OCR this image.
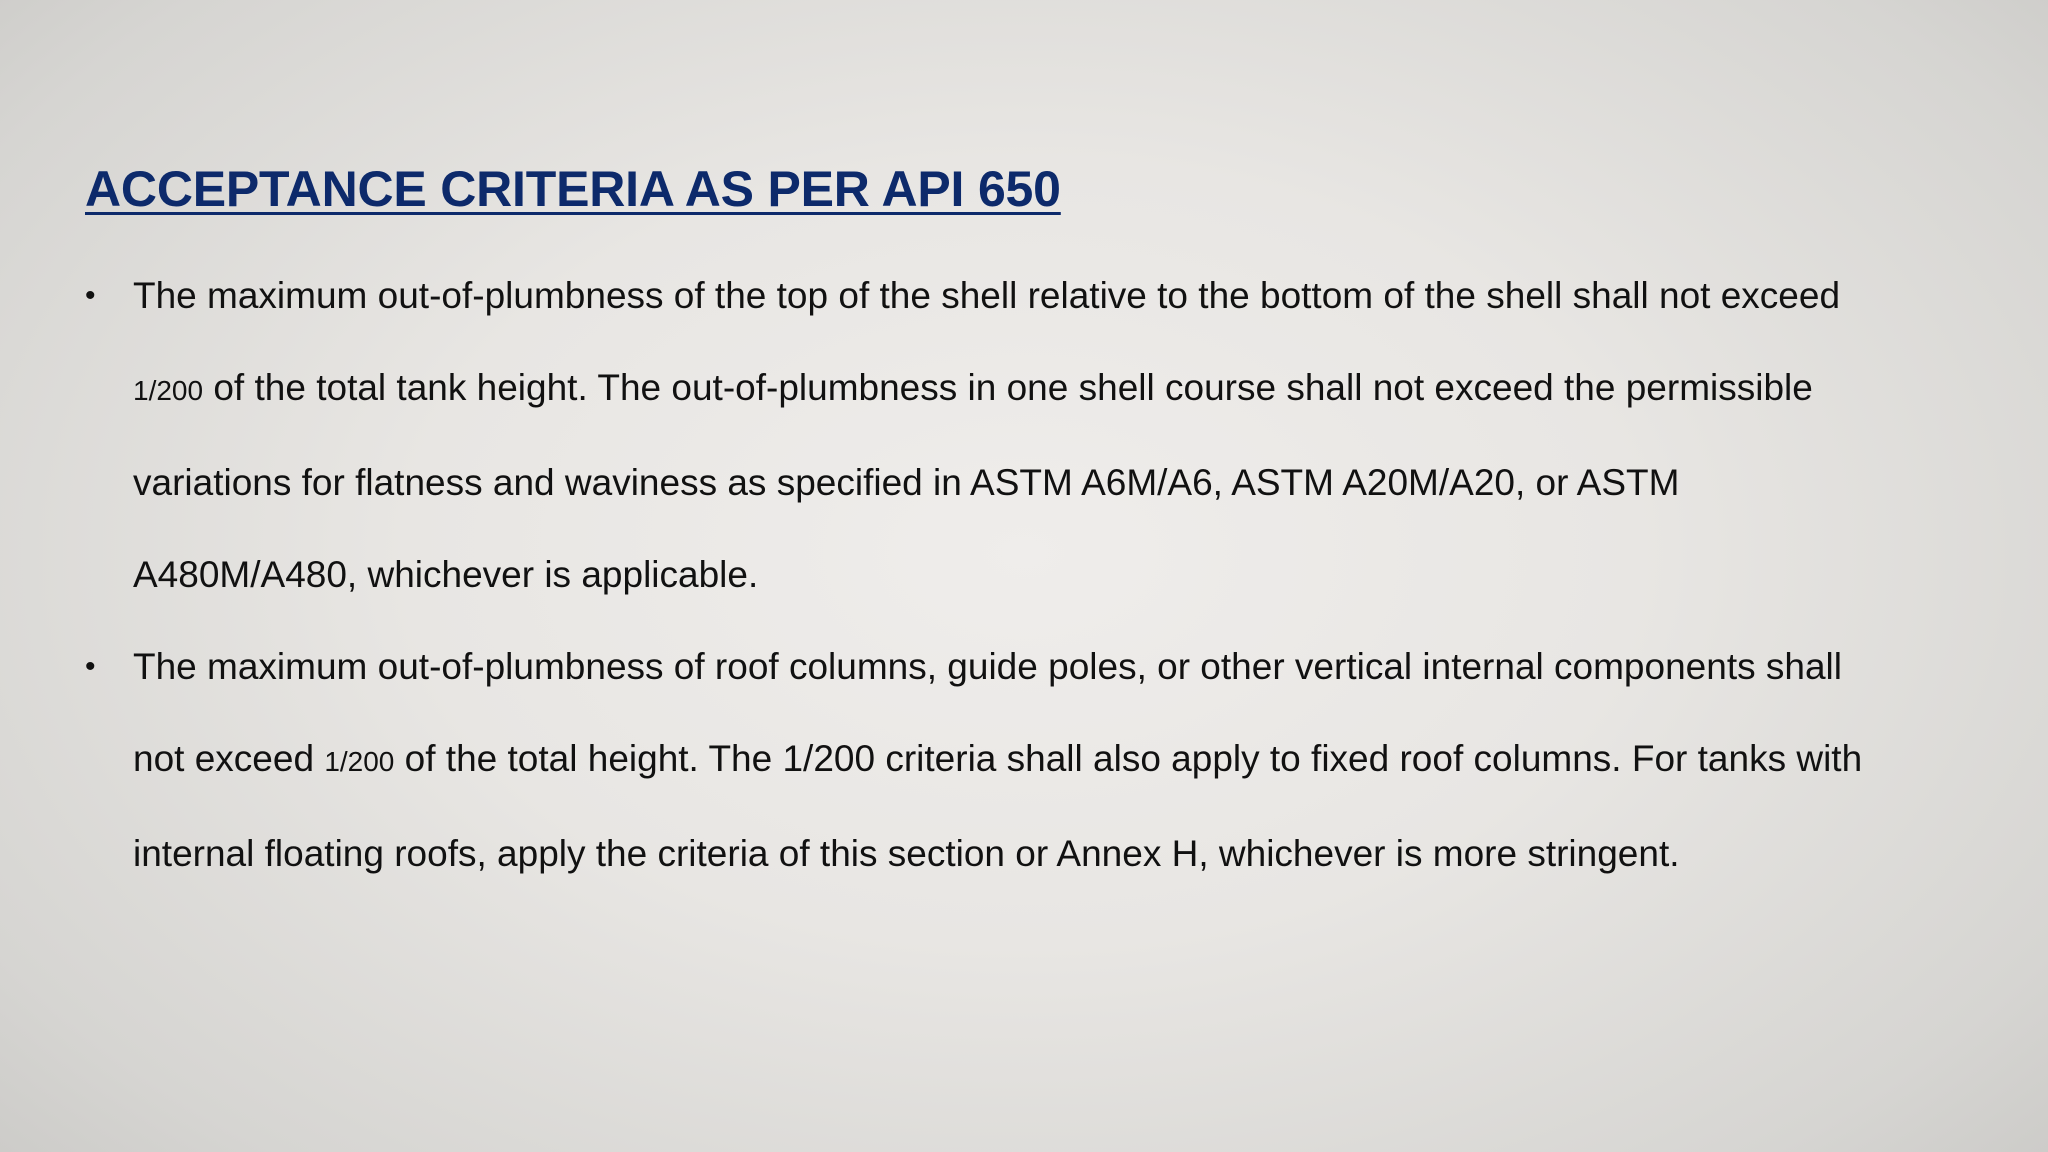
ACCEPTANCE CRITERIA AS PER API 650
• The maximum out-of-plumbness of the top of the shell relative to the bottom of the shell shall not exceed
1/200 of the total tank height. The out-of-plumbness in one shell course shall not exceed the permissible
variations for flatness and waviness as specified in ASTM A6M/A6, ASTM A20M/A20, or ASTM
A480M/A480, whichever is applicable.
• The maximum out-of-plumbness of roof columns, guide poles, or other vertical internal components shall
not exceed 1/200 of the total height. The 1/200 criteria shall also apply to fixed roof columns. For tanks with
internal floating roofs, apply the criteria of this section or Annex H, whichever is more stringent.
